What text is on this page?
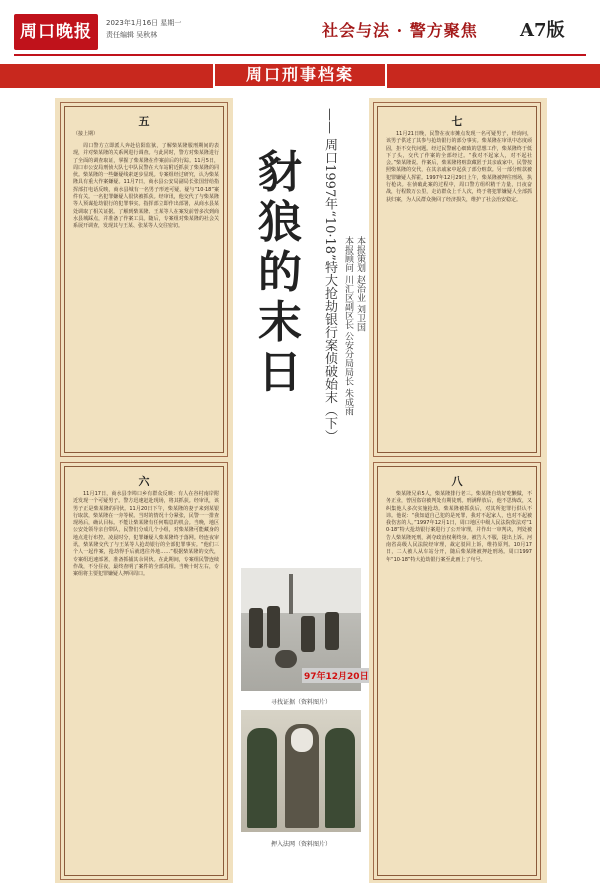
周口晚报	2023年1月16日 星期一
责任编辑 吴秋林	社会与法 · 警方聚焦 A7版
周口刑事档案
五
（接上期）
周口警方立即派人奔赴信阳监狱，了解柴某隆服刑期间的表现，并对柴某隆的关系网进行调查。与此同时，警方对柴某隆进行了全面的调查取证，掌握了柴某隆在作案前后的行踪。11月5日，周口市公安局刑侦大队七中队民警在大车站附近抓获了柴某隆的同伙。柴某隆的一些嫌疑线索逐步显现。专案组经过研究，认为柴某隆具有重大作案嫌疑。11月7日，商水县公安局副局长张国营给指挥部打电话反映，商水县城有一名男子形迹可疑，疑与“10·18”案件有关。一名犯罪嫌疑人很快被抓获。经审讯，他交代了与柴某隆等人预谋抢劫银行的犯罪事实。指挥部立即作出部署，从商水县某处调取了相关证据。了解到柴某隆、王某等人在案发前曾多次到商水县城踩点，并准备了作案工具。随后，专案组对柴某隆的社会关系展开调查，发现其与王某、张某等人交往密切。
六
11月17日，商水县李埠口乡有群众反映：有人在谷村南岸附近发现一个可疑男子。警方迅速赶赴现场，将其抓获。经审讯，该男子正是柴某隆的同伙。11月20日下午，柴某隆的妻子来到某银行取款，柴某隆在一旁等候。当时的情况十分紧张，民警一一排查现场后，确认目标。不能让柴某隆有任何喘息的机会。当晚，地区公安处领导亲自带队，民警们分成几个小组，对柴某隆可能藏身的地点进行布控。凌晨时分，犯罪嫌疑人柴某隆终于落网。经连夜审讯，柴某隆交代了与王某等人抢劫银行的全部犯罪事实。“他们三个人一起作案，抢劫得手后就逃往外地……”根据柴某隆的交代，专案组迅速部署，准备抓捕其余同伙。在此期间，专案组民警连续作战，不分昼夜，最终查明了案件的全部真相。当晚十时左右，专案组将主要犯罪嫌疑人押回周口。
豺狼的末日	—— 周口1997年“10·18”特大抢劫银行案侦破始末（下） 本报顾问 川汇区副区长 公安分局局长 朱成雨 本报策划 赵治业 刘卫国
97年12月20日
寻找证据（资料图片）
押入法网（资料图片）
七
11月21日晚，民警在夜市摊点发现一名可疑男子，经询问，该男子供述了其参与抢劫银行的部分事实。柴某隆在审讯中态度顽固，拒不交代问题。经过民警耐心细致的思想工作，柴某隆终于低下了头，交代了作案的全部经过。“我对不起家人，对不起社会。”柴某隆说。作案后，柴某隆将赃款藏匿于其亲戚家中。民警按照柴某隆的交代，在其亲戚家中起获了部分赃款。另一部分赃款被犯罪嫌疑人挥霍。1997年12月29日上午，柴某隆被押往刑场，执行枪决。在侦破此案的过程中，周口警方组织精干力量，日夜奋战，行程数万公里，走访群众上千人次，终于将犯罪嫌疑人全部抓获归案，为人民群众挽回了经济损失，维护了社会治安稳定。
八
柴某隆兄弟5人，柴某隆排行老三。柴某隆自幼好吃懒做，不务正业，曾因盗窃被判处有期徒刑。刑满释放后，他不思悔改，又纠集他人多次实施抢劫。柴某隆被抓获后，对其所犯罪行供认不讳。他说：“我知道自己犯的是死罪，我对不起家人，也对不起被我伤害的人。”1997年12月1日，周口地区中级人民法院依法对“10·18”特大抢劫银行案进行了公开审理，并作出一审判决，判处被告人柴某隆死刑，剥夺政治权利终身。被告人不服，提出上诉。河南省高级人民法院经审理，裁定驳回上诉，维持原判。10月17日，二人被人从车站分开，随后柴某隆被押赴刑场。周口1997年“10·18”特大抢劫银行案至此画上了句号。
